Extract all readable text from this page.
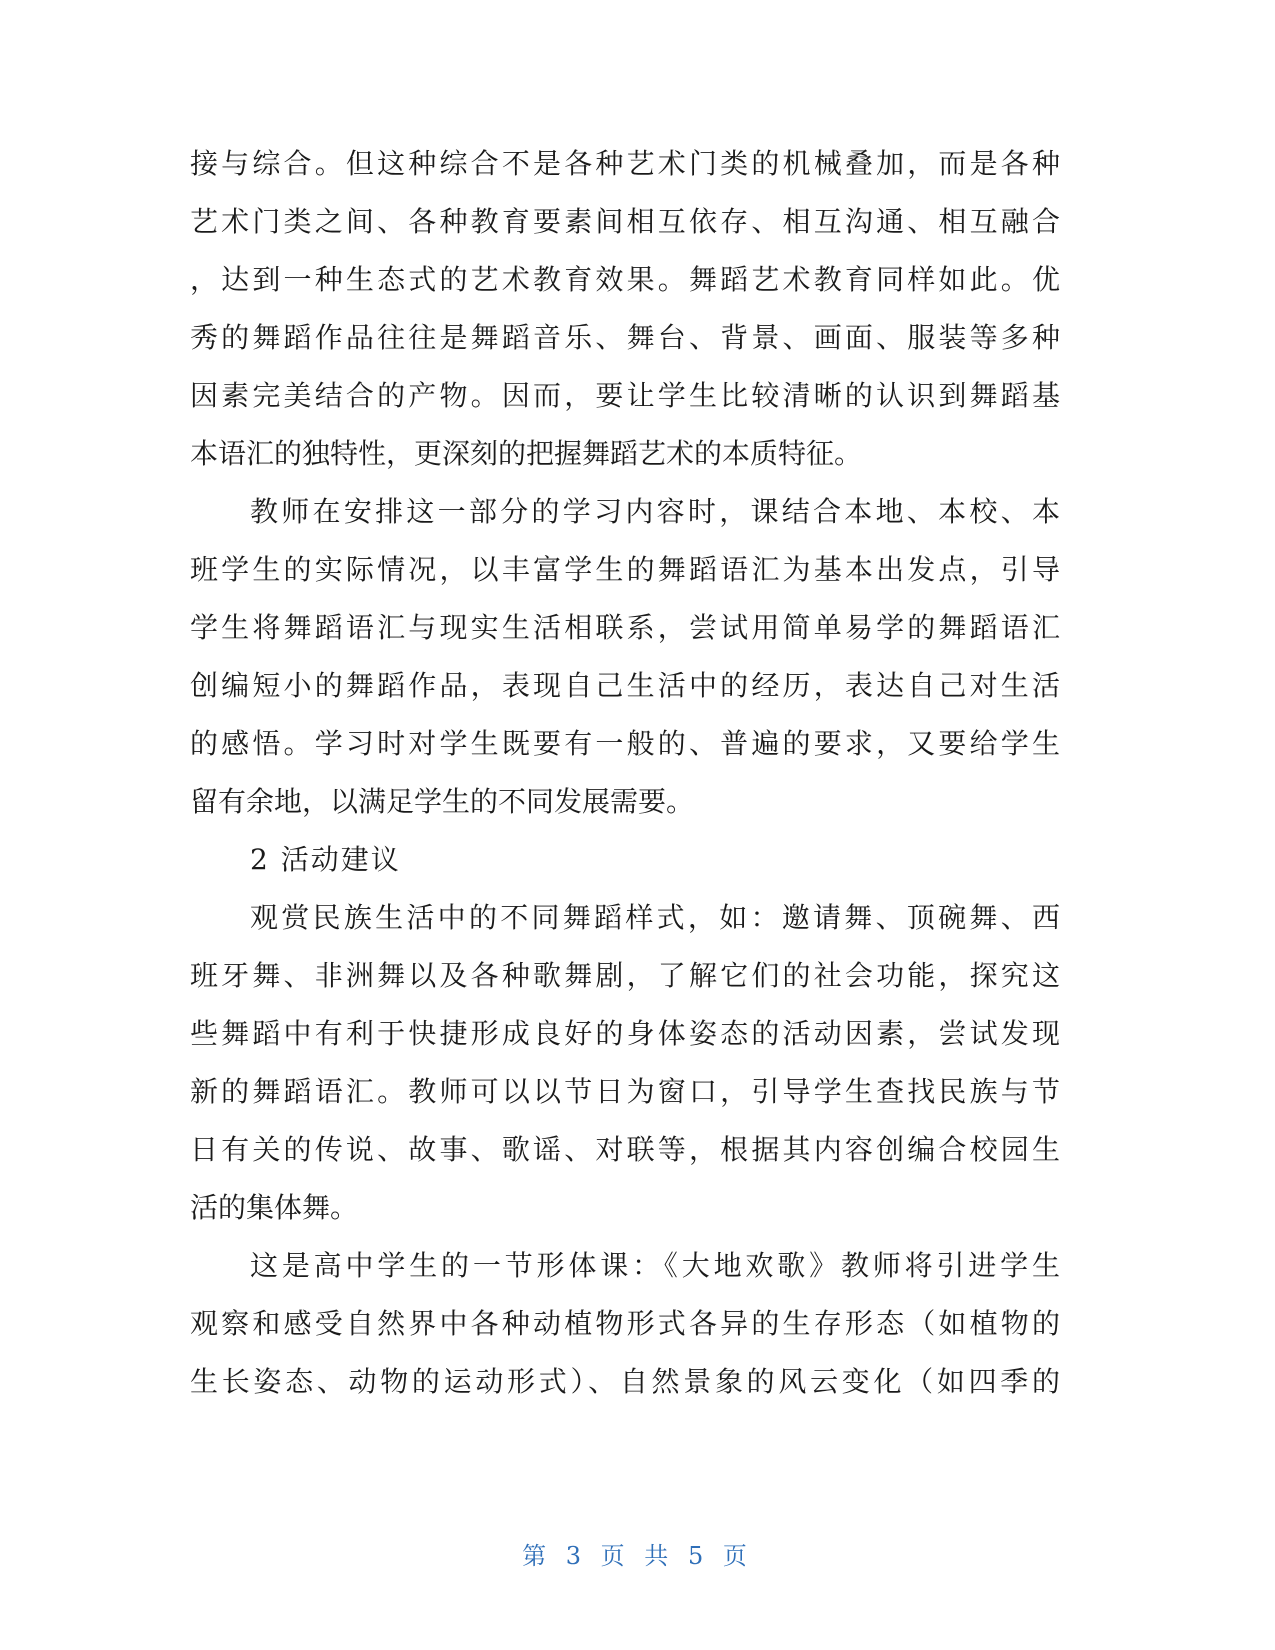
接与综合。但这种综合不是各种艺术门类的机械叠加，而是各种
艺术门类之间、各种教育要素间相互依存、相互沟通、相互融合
，达到一种生态式的艺术教育效果。舞蹈艺术教育同样如此。优
秀的舞蹈作品往往是舞蹈音乐、舞台、背景、画面、服装等多种
因素完美结合的产物。因而，要让学生比较清晰的认识到舞蹈基
本语汇的独特性，更深刻的把握舞蹈艺术的本质特征。
教师在安排这一部分的学习内容时，课结合本地、本校、本
班学生的实际情况，以丰富学生的舞蹈语汇为基本出发点，引导
学生将舞蹈语汇与现实生活相联系，尝试用简单易学的舞蹈语汇
创编短小的舞蹈作品，表现自己生活中的经历，表达自己对生活
的感悟。学习时对学生既要有一般的、普遍的要求，又要给学生
留有余地，以满足学生的不同发展需要。
2 活动建议
观赏民族生活中的不同舞蹈样式，如：邀请舞、顶碗舞、西
班牙舞、非洲舞以及各种歌舞剧，了解它们的社会功能，探究这
些舞蹈中有利于快捷形成良好的身体姿态的活动因素，尝试发现
新的舞蹈语汇。教师可以以节日为窗口，引导学生查找民族与节
日有关的传说、故事、歌谣、对联等，根据其内容创编合校园生
活的集体舞。
这是高中学生的一节形体课：《大地欢歌》教师将引进学生
观察和感受自然界中各种动植物形式各异的生存形态（如植物的
生长姿态、动物的运动形式）、自然景象的风云变化（如四季的
第 3 页 共 5 页
